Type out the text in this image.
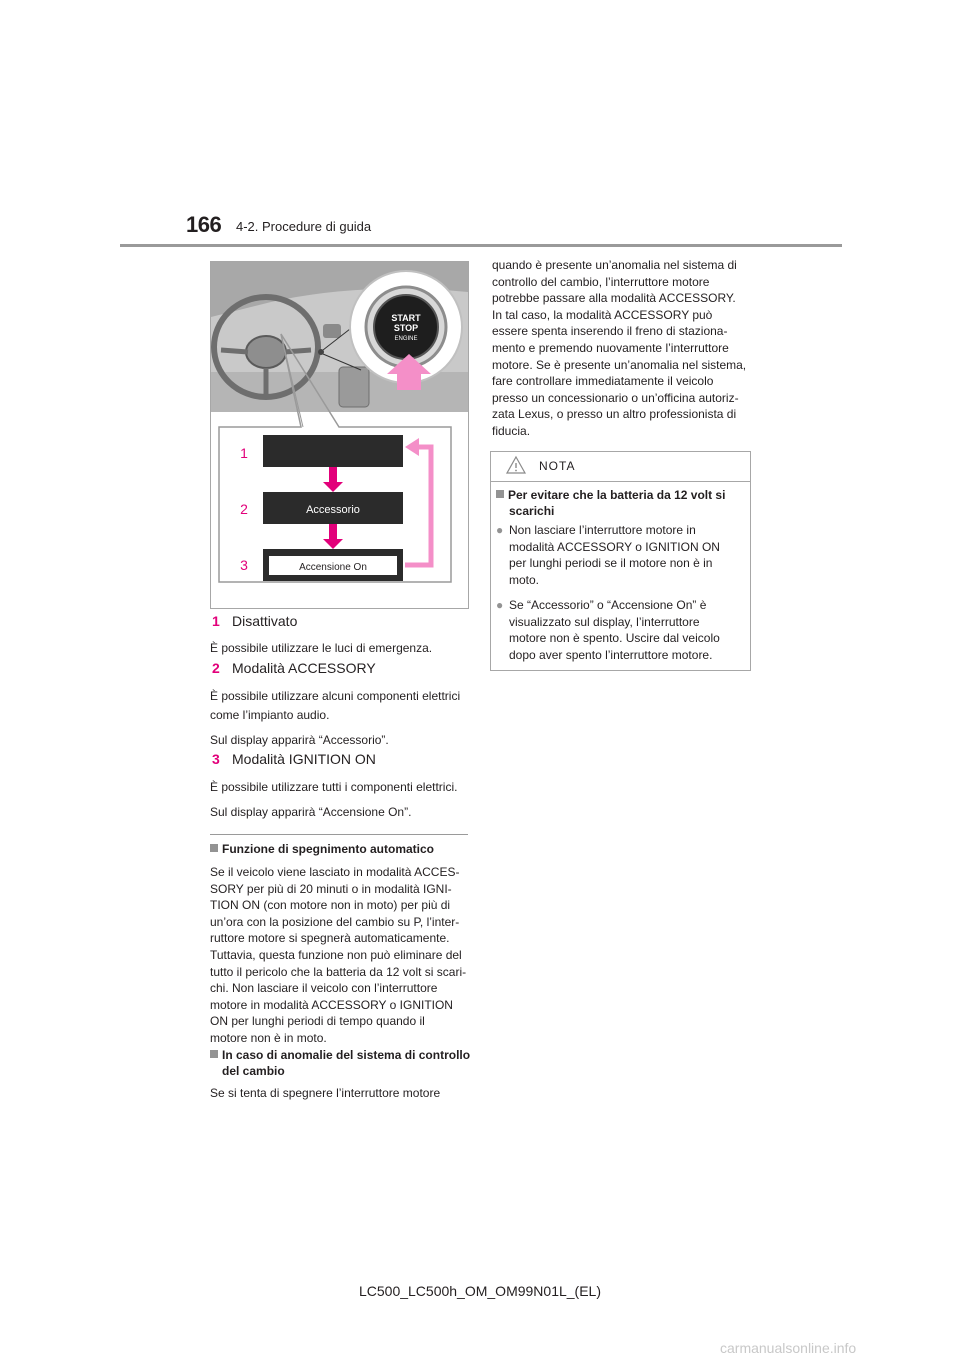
166 4-2. Procedure di guida
START
STOP
ENGINE
1
2
3
Accessorio
Accensione On
1 Disattivato
È possibile utilizzare le luci di emergenza.
2 Modalità ACCESSORY
È possibile utilizzare alcuni componenti elettrici
come l’impianto audio.
Sul display apparirà “Accessorio”.
3 Modalità IGNITION ON
È possibile utilizzare tutti i componenti elettrici.
Sul display apparirà “Accensione On”.
Funzione di spegnimento automatico
Se il veicolo viene lasciato in modalità ACCES-
SORY per più di 20 minuti o in modalità IGNI-
TION ON (con motore non in moto) per più di
un’ora con la posizione del cambio su P, l’inter-
ruttore motore si spegnerà automaticamente.
Tuttavia, questa funzione non può eliminare del
tutto il pericolo che la batteria da 12 volt si scari-
chi. Non lasciare il veicolo con l’interruttore
motore in modalità ACCESSORY o IGNITION
ON per lunghi periodi di tempo quando il
motore non è in moto.
In caso di anomalie del sistema di controllo
del cambio
Se si tenta di spegnere l’interruttore motore
quando è presente un’anomalia nel sistema di
controllo del cambio, l’interruttore motore
potrebbe passare alla modalità ACCESSORY.
In tal caso, la modalità ACCESSORY può
essere spenta inserendo il freno di staziona-
mento e premendo nuovamente l’interruttore
motore. Se è presente un’anomalia nel sistema,
fare controllare immediatamente il veicolo
presso un concessionario o un’officina autoriz-
zata Lexus, o presso un altro professionista di
fiducia.
NOTA
Per evitare che la batteria da 12 volt si
scarichi
● Non lasciare l’interruttore motore in
modalità ACCESSORY o IGNITION ON
per lunghi periodi se il motore non è in
moto.
● Se “Accessorio” o “Accensione On” è
visualizzato sul display, l’interruttore
motore non è spento. Uscire dal veicolo
dopo aver spento l’interruttore motore.
LC500_LC500h_OM_OM99N01L_(EL)
carmanualsonline.info
